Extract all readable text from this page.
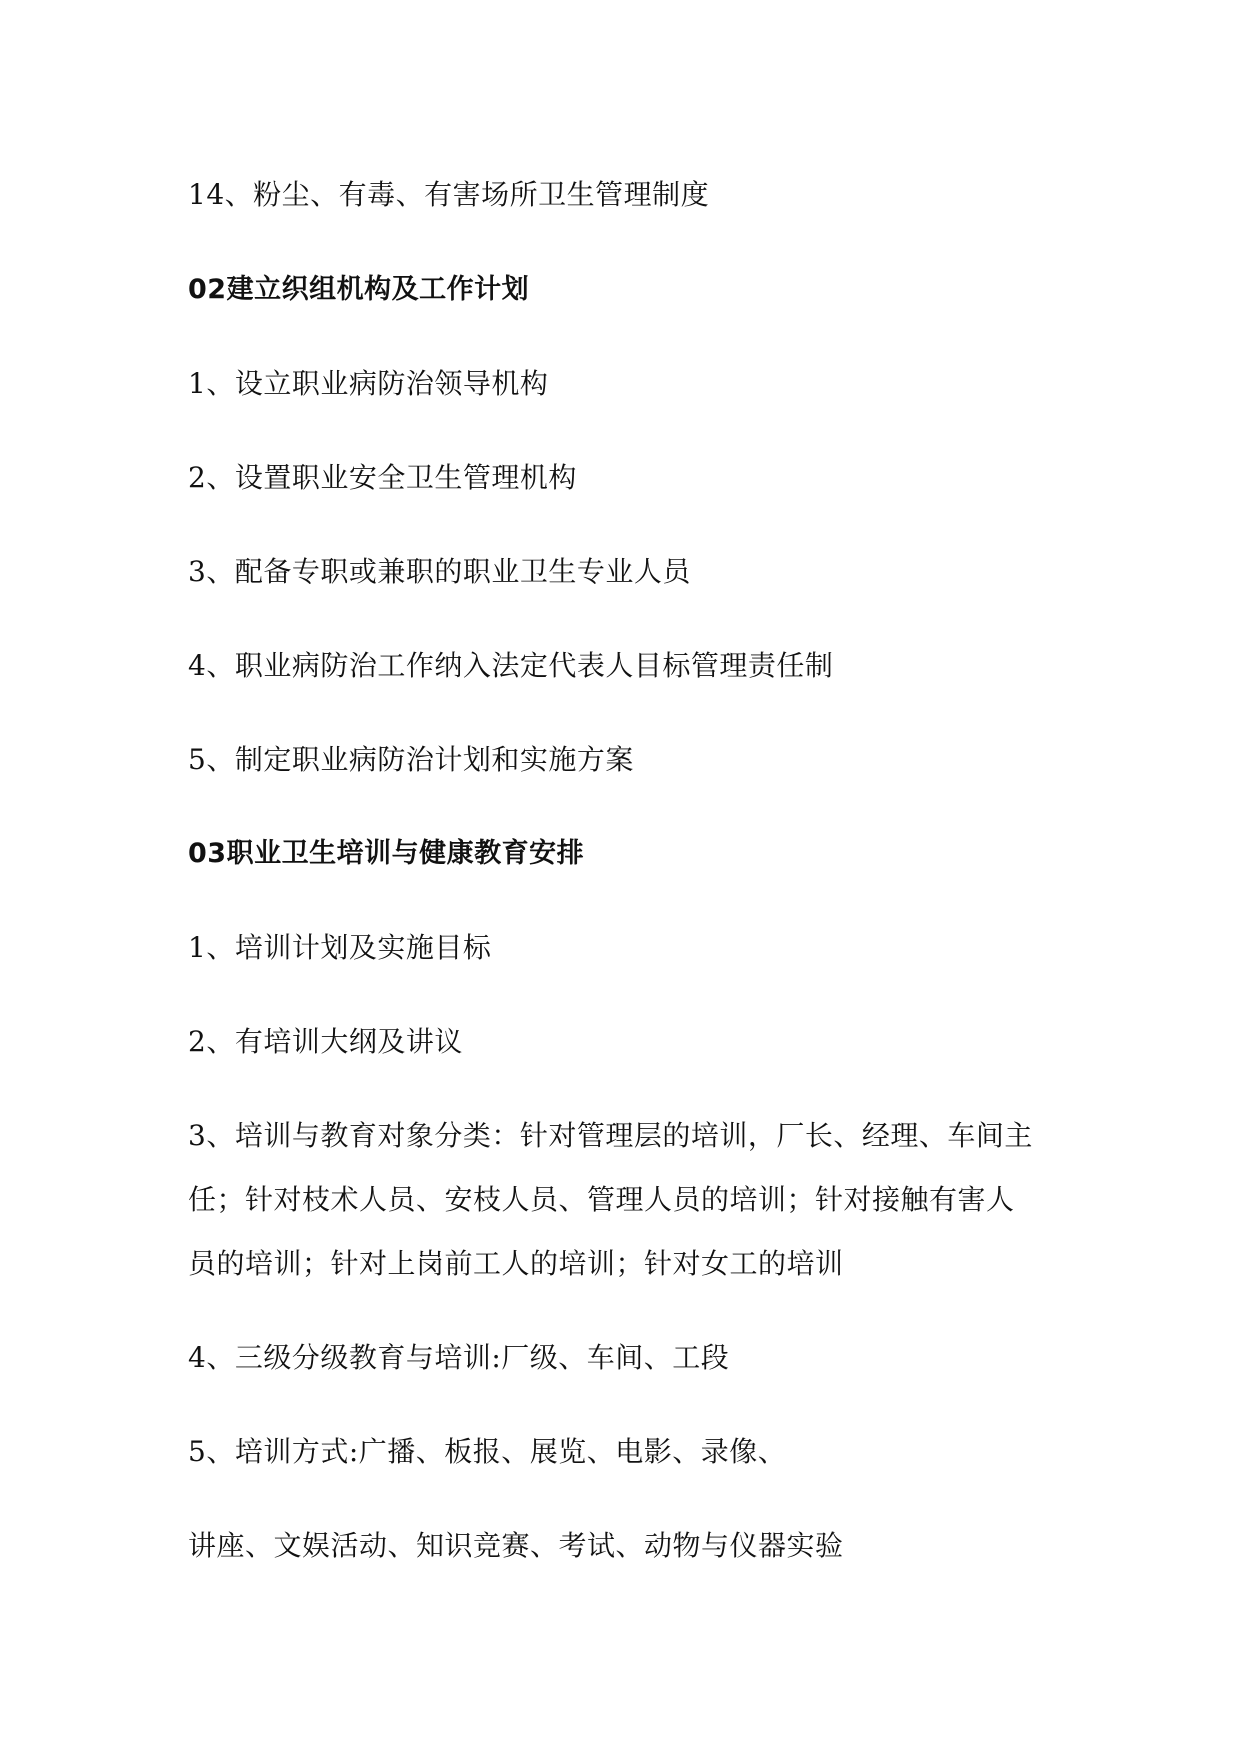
14、粉尘、有毒、有害场所卫生管理制度
02建立织组机构及工作计划
1、设立职业病防治领导机构
2、设置职业安全卫生管理机构
3、配备专职或兼职的职业卫生专业人员
4、职业病防治工作纳入法定代表人目标管理责任制
5、制定职业病防治计划和实施方案
03职业卫生培训与健康教育安排
1、培训计划及实施目标
2、有培训大纲及讲议
3、培训与教育对象分类：针对管理层的培训，厂长、经理、车间主
任；针对枝术人员、安枝人员、管理人员的培训；针对接触有害人
员的培训；针对上岗前工人的培训；针对女工的培训
4、三级分级教育与培训:厂级、车间、工段
5、培训方式:广播、板报、展览、电影、录像、
讲座、文娱活动、知识竞赛、考试、动物与仪器实验
